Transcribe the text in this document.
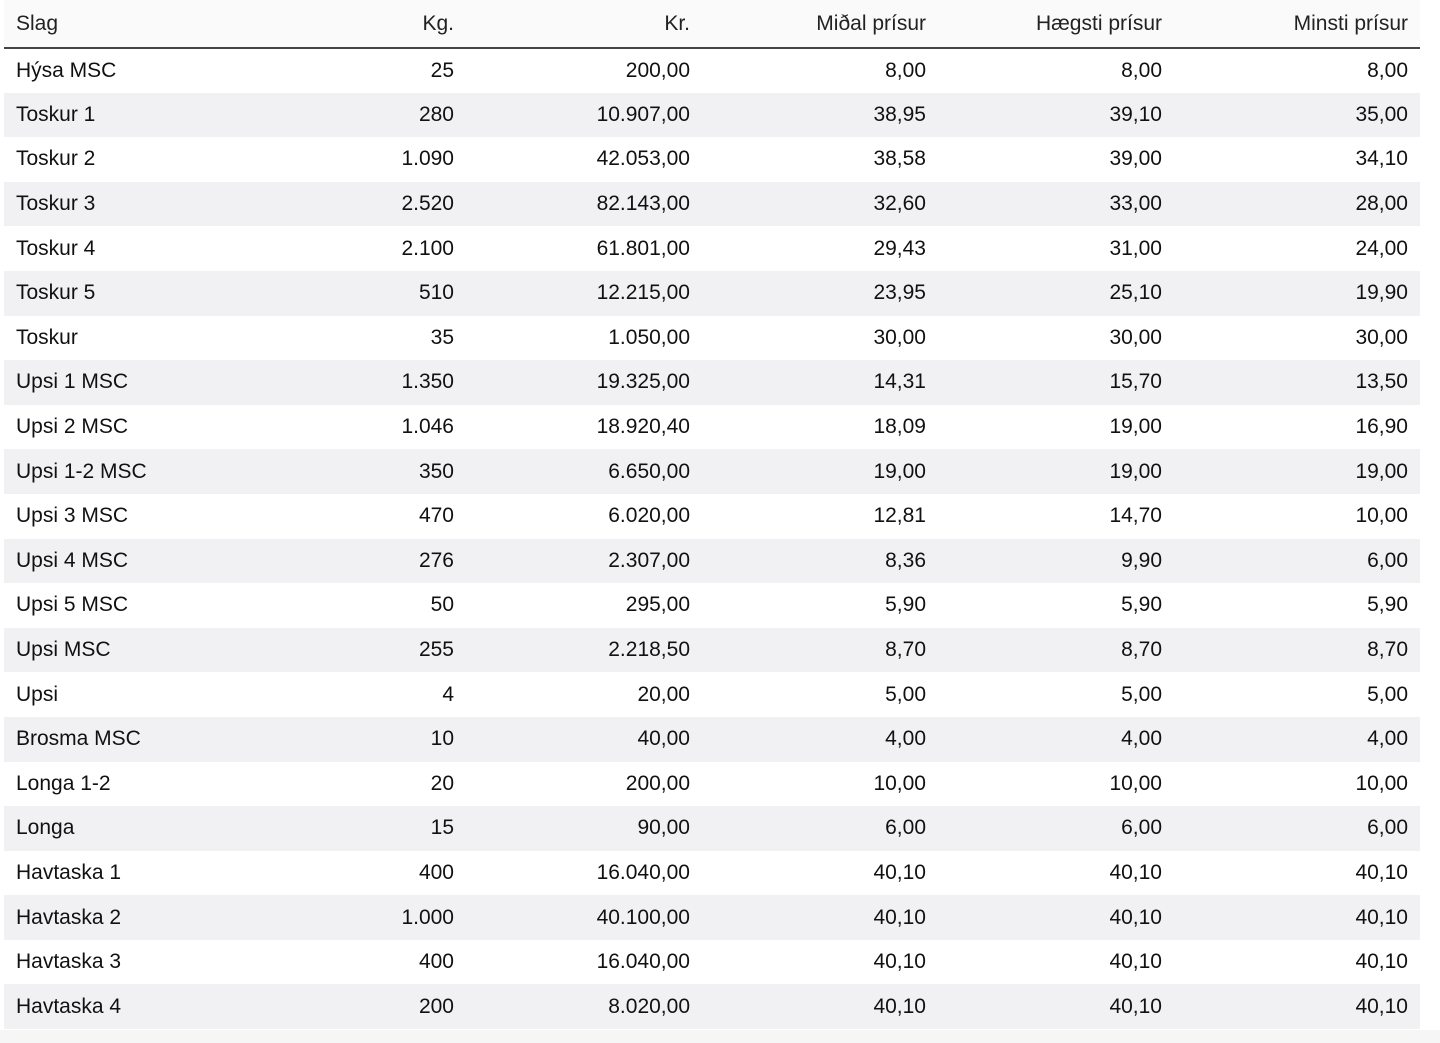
Slag	Kg.	Kr.	Miðal prísur	Hægsti prísur	Minsti prísur
Hýsa MSC	25	200,00	8,00	8,00	8,00
Toskur 1	280	10.907,00	38,95	39,10	35,00
Toskur 2	1.090	42.053,00	38,58	39,00	34,10
Toskur 3	2.520	82.143,00	32,60	33,00	28,00
Toskur 4	2.100	61.801,00	29,43	31,00	24,00
Toskur 5	510	12.215,00	23,95	25,10	19,90
Toskur	35	1.050,00	30,00	30,00	30,00
Upsi 1 MSC	1.350	19.325,00	14,31	15,70	13,50
Upsi 2 MSC	1.046	18.920,40	18,09	19,00	16,90
Upsi 1-2 MSC	350	6.650,00	19,00	19,00	19,00
Upsi 3 MSC	470	6.020,00	12,81	14,70	10,00
Upsi 4 MSC	276	2.307,00	8,36	9,90	6,00
Upsi 5 MSC	50	295,00	5,90	5,90	5,90
Upsi MSC	255	2.218,50	8,70	8,70	8,70
Upsi	4	20,00	5,00	5,00	5,00
Brosma MSC	10	40,00	4,00	4,00	4,00
Longa 1-2	20	200,00	10,00	10,00	10,00
Longa	15	90,00	6,00	6,00	6,00
Havtaska 1	400	16.040,00	40,10	40,10	40,10
Havtaska 2	1.000	40.100,00	40,10	40,10	40,10
Havtaska 3	400	16.040,00	40,10	40,10	40,10
Havtaska 4	200	8.020,00	40,10	40,10	40,10
